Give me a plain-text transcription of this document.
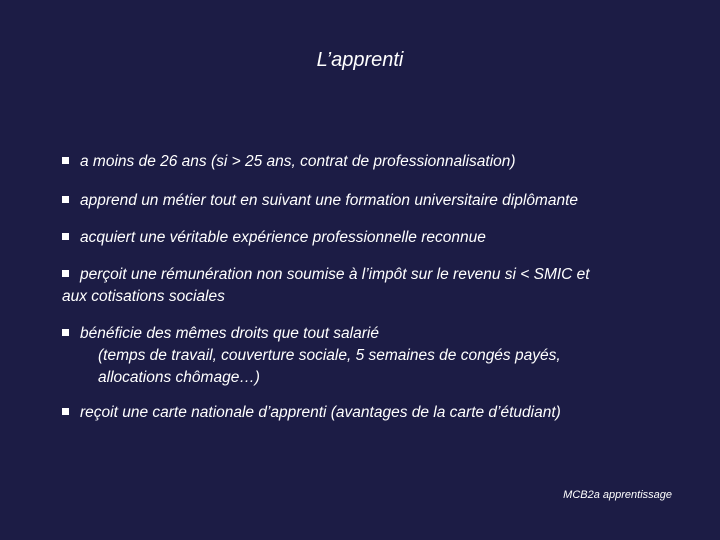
L’apprenti
a moins de 26 ans (si > 25 ans, contrat de professionnalisation)
apprend un métier tout en suivant une formation universitaire diplômante
acquiert une véritable expérience professionnelle reconnue
perçoit une rémunération non soumise à l’impôt sur le revenu si < SMIC et
aux cotisations sociales
bénéficie des mêmes droits que tout salarié
(temps de travail, couverture sociale, 5 semaines de congés payés,
allocations chômage…)
reçoit une carte nationale d’apprenti (avantages de la carte d’étudiant)
MCB2a apprentissage
